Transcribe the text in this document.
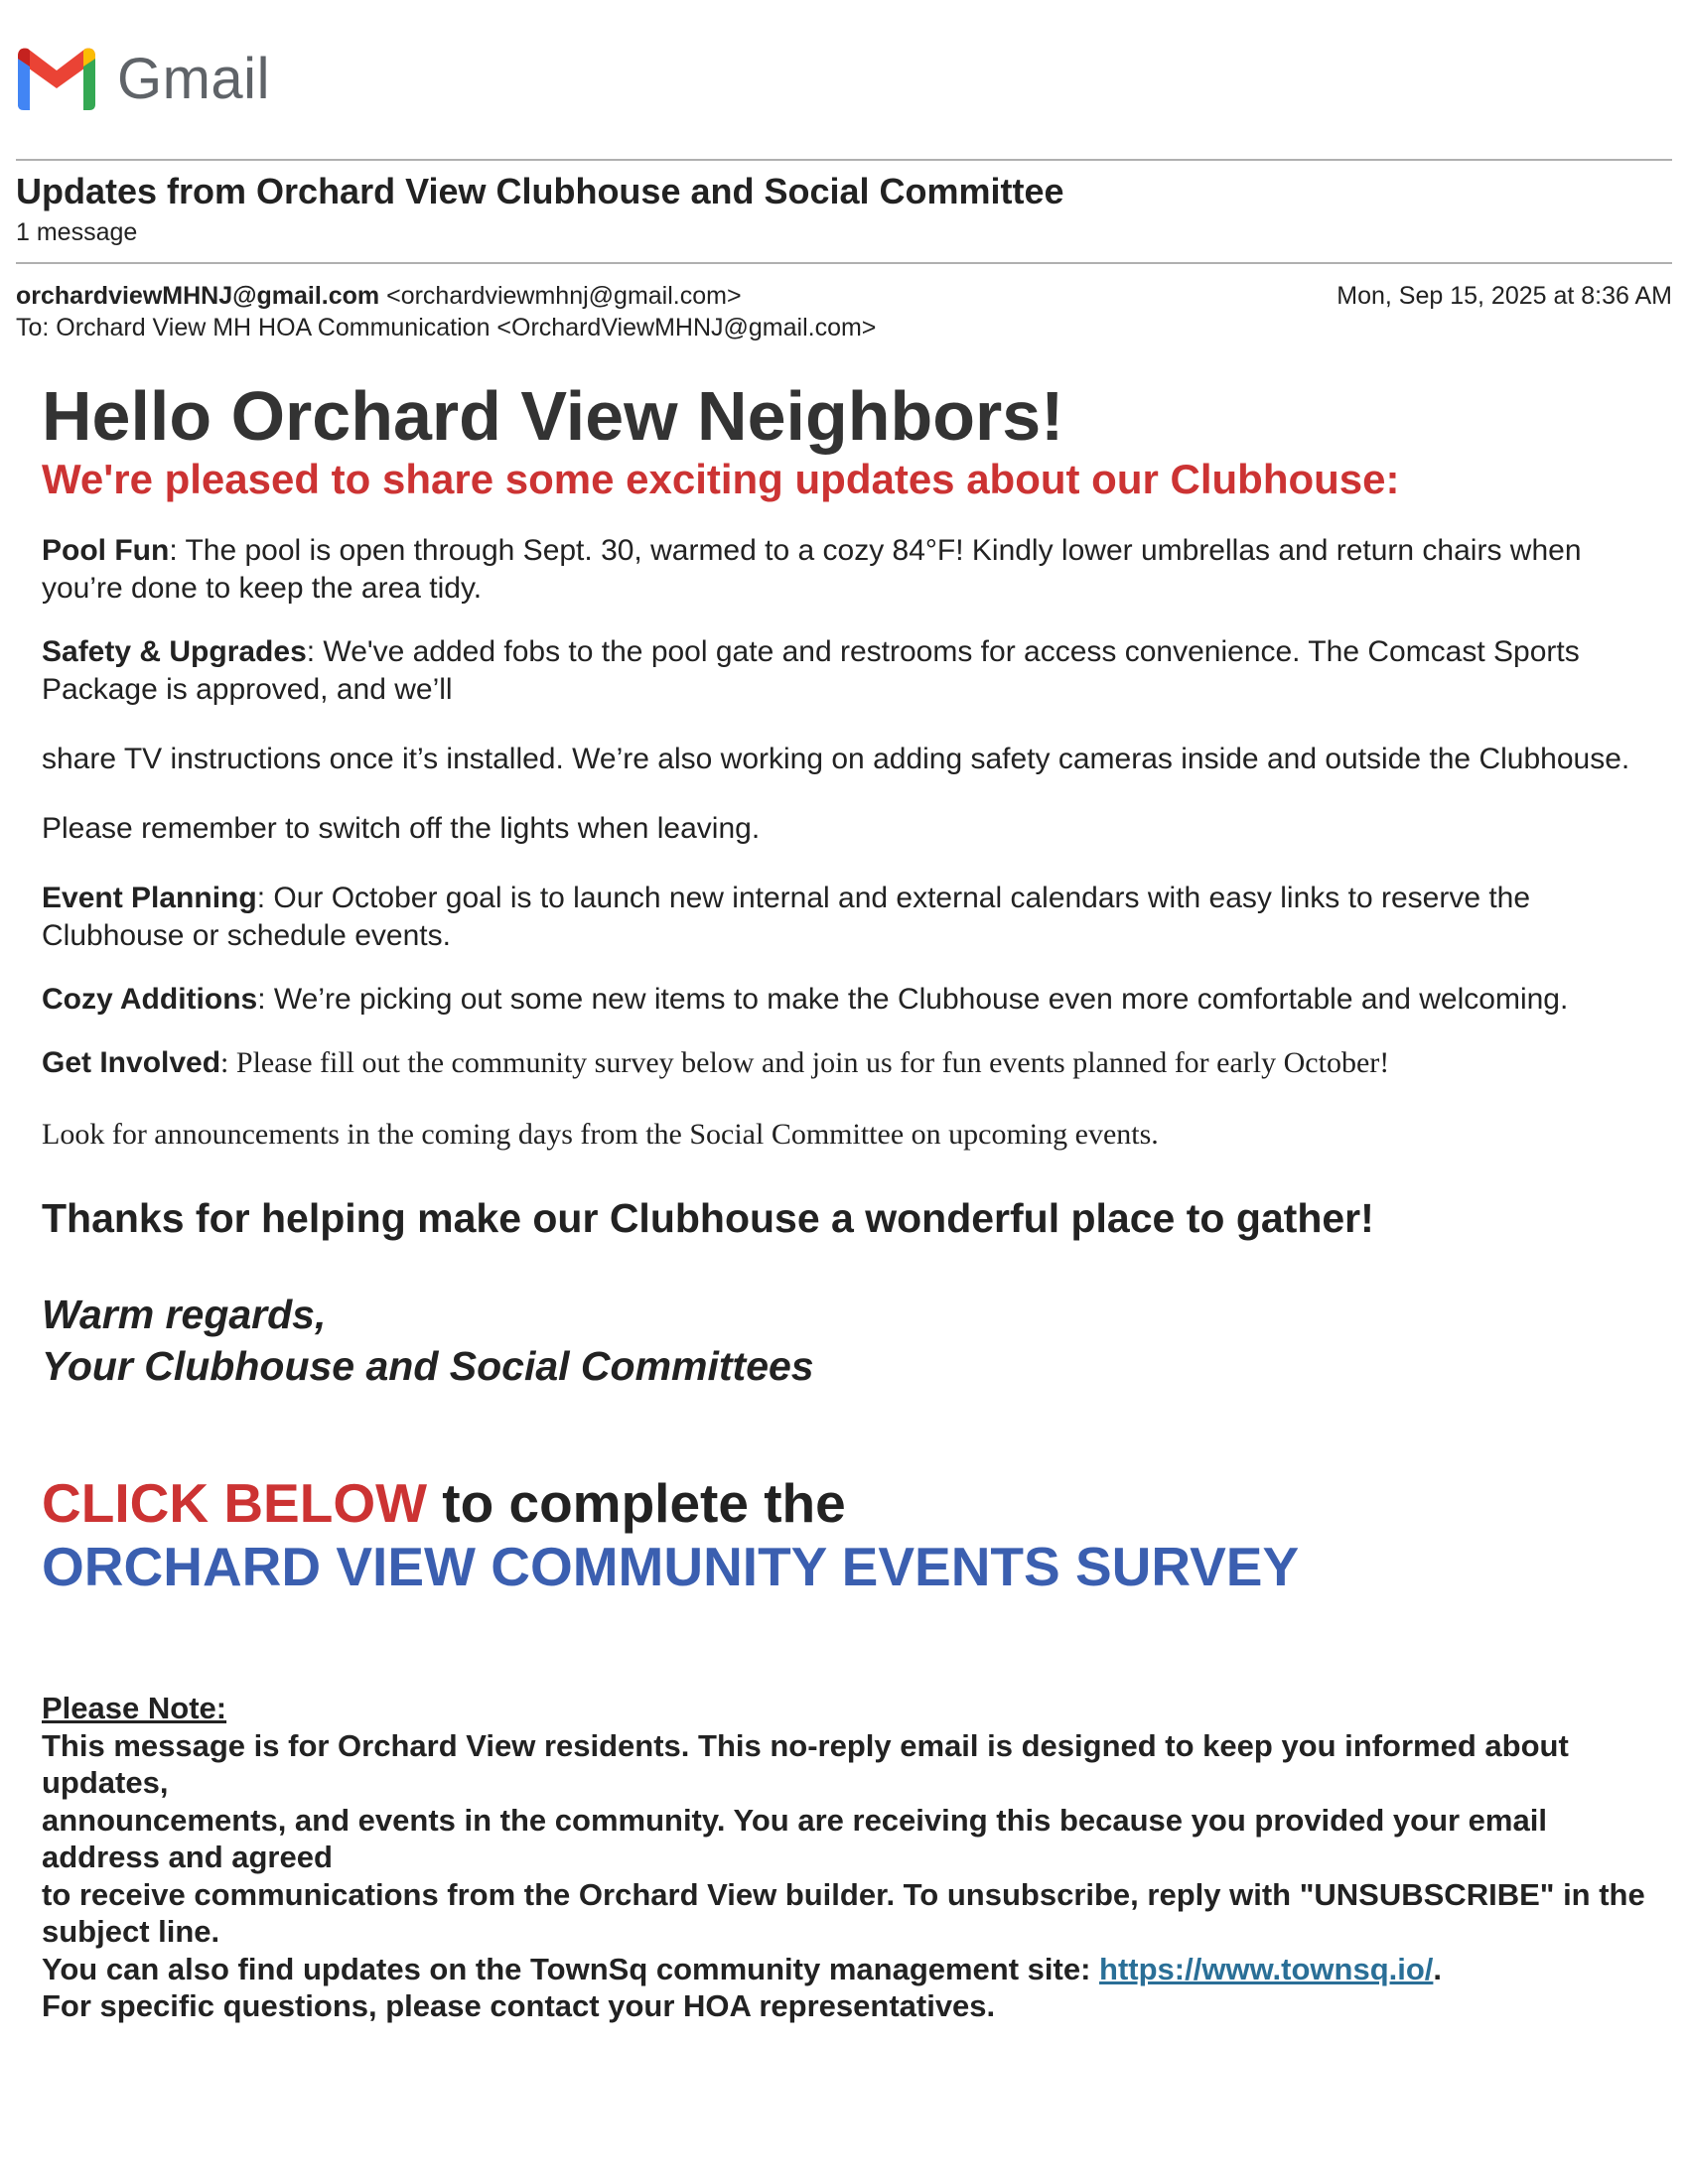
Gmail
Updates from Orchard View Clubhouse and Social Committee
1 message
orchardviewMHNJ@gmail.com <orchardviewmhnj@gmail.com>	Mon, Sep 15, 2025 at 8:36 AM
To: Orchard View MH HOA Communication <OrchardViewMHNJ@gmail.com>
Hello Orchard View Neighbors!
We're pleased to share some exciting updates about our Clubhouse:

Pool Fun: The pool is open through Sept. 30, warmed to a cozy 84°F! Kindly lower umbrellas and return chairs when you’re done to keep the area tidy.

Safety & Upgrades: We've added fobs to the pool gate and restrooms for access convenience. The Comcast Sports Package is approved, and we’ll

share TV instructions once it’s installed. We’re also working on adding safety cameras inside and outside the Clubhouse.

Please remember to switch off the lights when leaving.

Event Planning: Our October goal is to launch new internal and external calendars with easy links to reserve the Clubhouse or schedule events.

Cozy Additions: We’re picking out some new items to make the Clubhouse even more comfortable and welcoming.

Get Involved: Please fill out the community survey below and join us for fun events planned for early October!

Look for announcements in the coming days from the Social Committee on upcoming events.

Thanks for helping make our Clubhouse a wonderful place to gather!
Warm regards,
Your Clubhouse and Social Committees
CLICK BELOW to complete the
ORCHARD VIEW COMMUNITY EVENTS SURVEY
Please Note:
This message is for Orchard View residents. This no-reply email is designed to keep you informed about updates,
announcements, and events in the community. You are receiving this because you provided your email address and agreed
to receive communications from the Orchard View builder. To unsubscribe, reply with "UNSUBSCRIBE" in the subject line.
You can also find updates on the TownSq community management site: https://www.townsq.io/.
For specific questions, please contact your HOA representatives.
